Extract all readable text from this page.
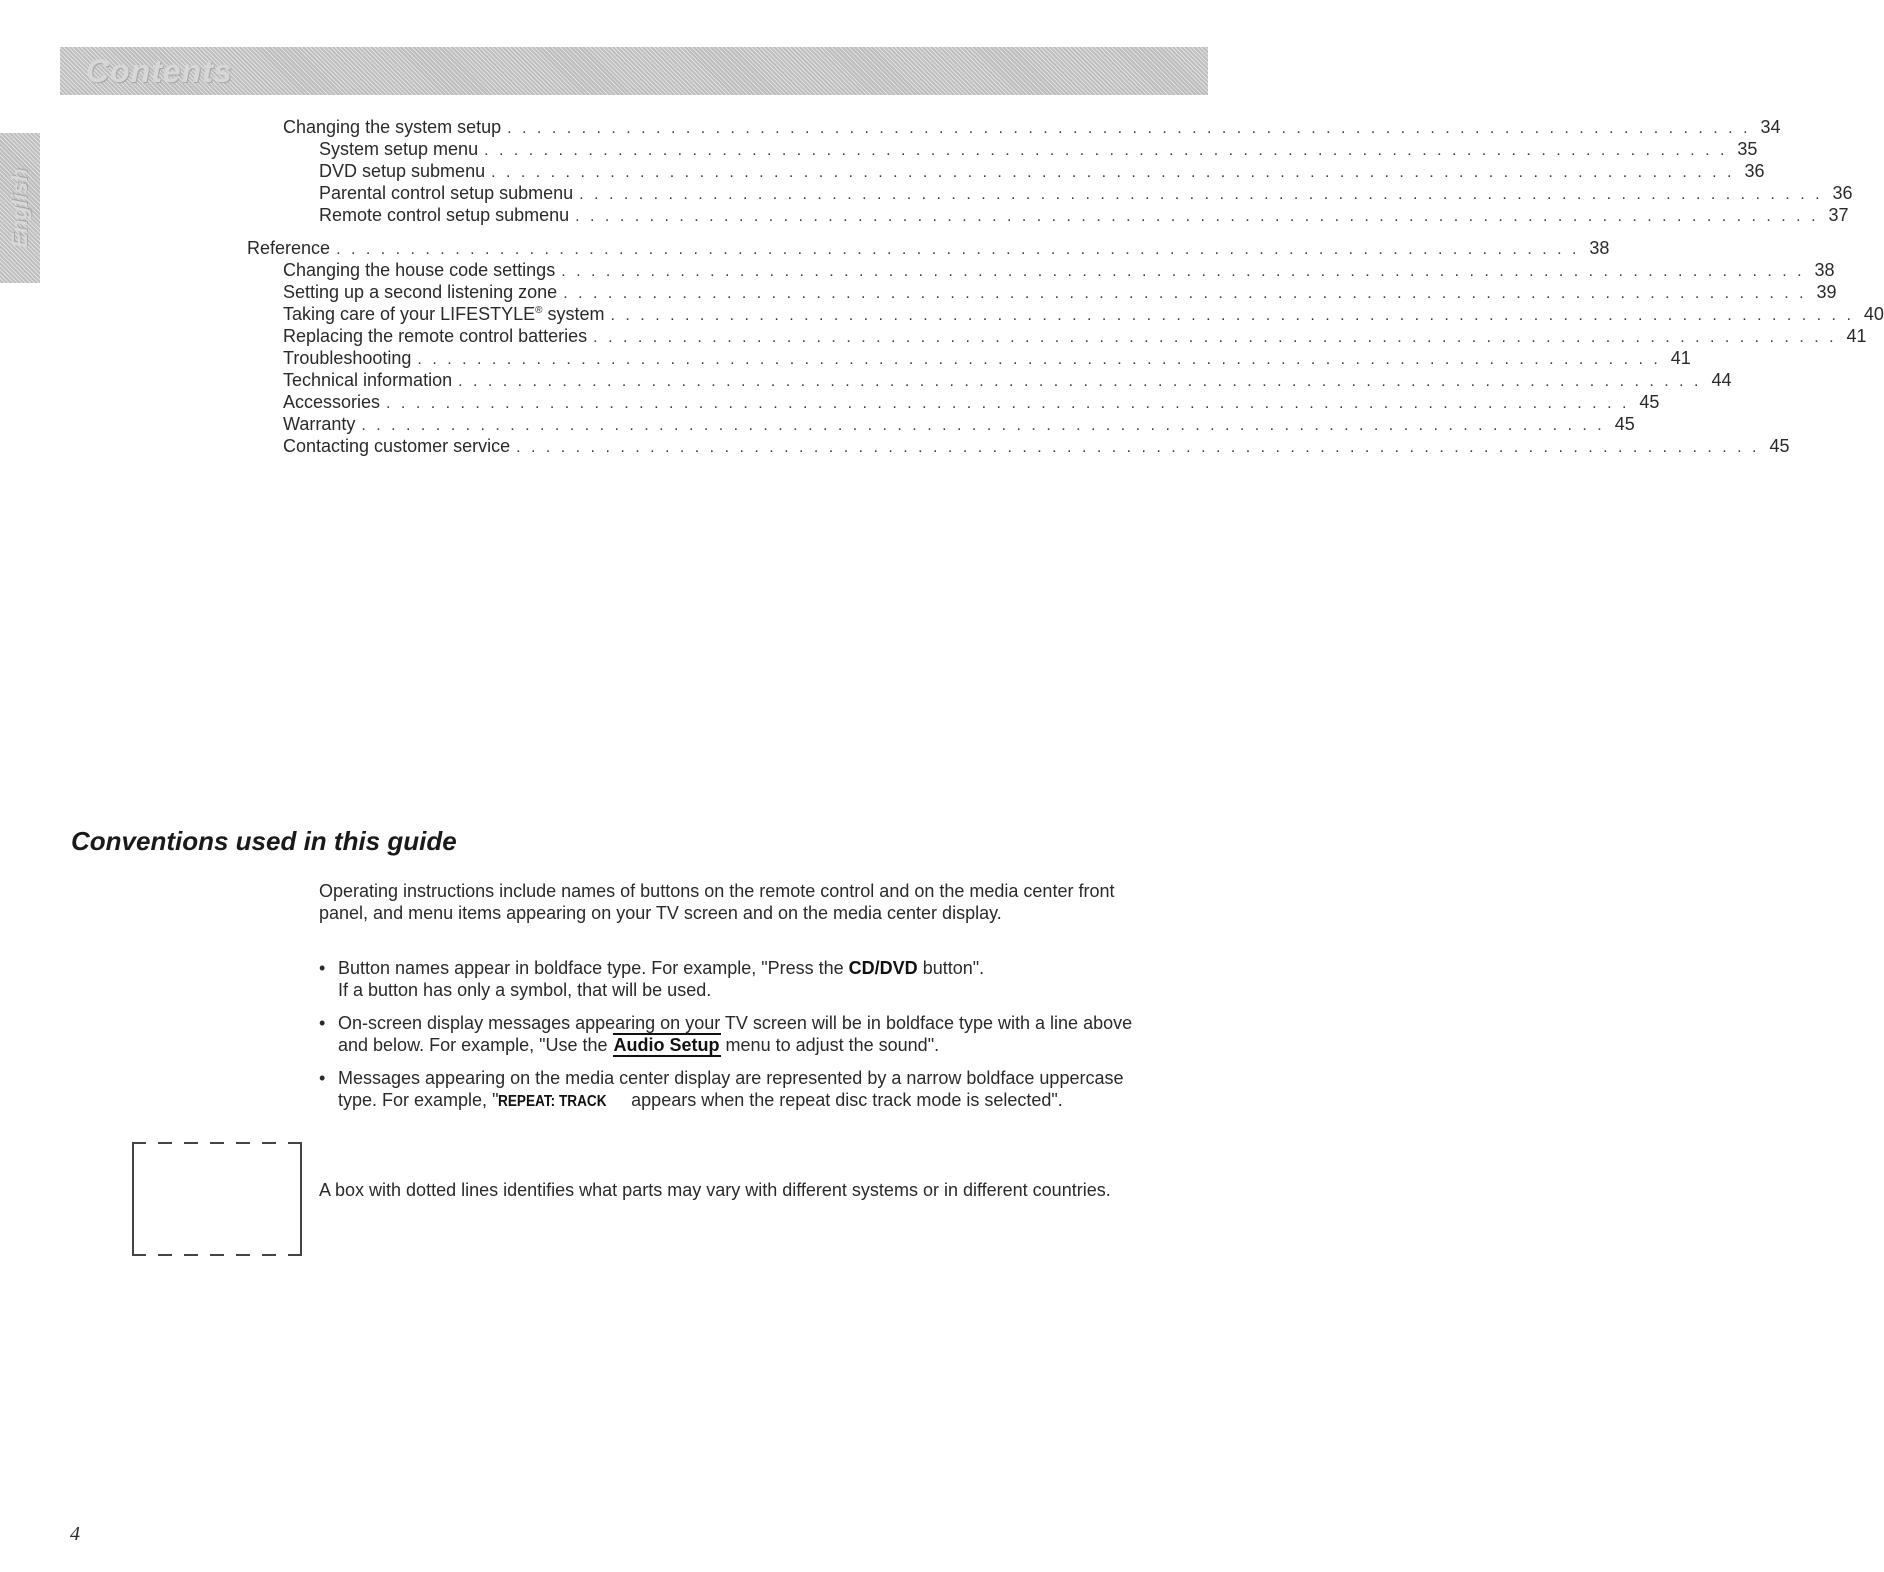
Contents
English
Changing the system setup . . . . . . . . . . . . . . . . . . . . . . . . . . . . . . . . . . . . . . . . . . . . . . . . . . . . . . . . . . . . . . . . . . . . . . . . . . . . . . . . . . . . 34
System setup menu . . . . . . . . . . . . . . . . . . . . . . . . . . . . . . . . . . . . . . . . . . . . . . . . . . . . . . . . . . . . . . . . . . . . . . . . . . . . . . . . . . . . 35
DVD setup submenu . . . . . . . . . . . . . . . . . . . . . . . . . . . . . . . . . . . . . . . . . . . . . . . . . . . . . . . . . . . . . . . . . . . . . . . . . . . . . . . . . . . . 36
Parental control setup submenu . . . . . . . . . . . . . . . . . . . . . . . . . . . . . . . . . . . . . . . . . . . . . . . . . . . . . . . . . . . . . . . . . . . . . . . . . . . . . . . . . . . . 36
Remote control setup submenu . . . . . . . . . . . . . . . . . . . . . . . . . . . . . . . . . . . . . . . . . . . . . . . . . . . . . . . . . . . . . . . . . . . . . . . . . . . . . . . . . . . . 37
Reference . . . . . . . . . . . . . . . . . . . . . . . . . . . . . . . . . . . . . . . . . . . . . . . . . . . . . . . . . . . . . . . . . . . . . . . . . . . . . . . . . . . . 38
Changing the house code settings . . . . . . . . . . . . . . . . . . . . . . . . . . . . . . . . . . . . . . . . . . . . . . . . . . . . . . . . . . . . . . . . . . . . . . . . . . . . . . . . . . . . 38
Setting up a second listening zone . . . . . . . . . . . . . . . . . . . . . . . . . . . . . . . . . . . . . . . . . . . . . . . . . . . . . . . . . . . . . . . . . . . . . . . . . . . . . . . . . . . . 39
Taking care of your LIFESTYLE® system . . . . . . . . . . . . . . . . . . . . . . . . . . . . . . . . . . . . . . . . . . . . . . . . . . . . . . . . . . . . . . . . . . . . . . . . . . . . . . . . . . . . 40
Replacing the remote control batteries . . . . . . . . . . . . . . . . . . . . . . . . . . . . . . . . . . . . . . . . . . . . . . . . . . . . . . . . . . . . . . . . . . . . . . . . . . . . . . . . . . . . 41
Troubleshooting . . . . . . . . . . . . . . . . . . . . . . . . . . . . . . . . . . . . . . . . . . . . . . . . . . . . . . . . . . . . . . . . . . . . . . . . . . . . . . . . . . . . 41
Technical information . . . . . . . . . . . . . . . . . . . . . . . . . . . . . . . . . . . . . . . . . . . . . . . . . . . . . . . . . . . . . . . . . . . . . . . . . . . . . . . . . . . . 44
Accessories . . . . . . . . . . . . . . . . . . . . . . . . . . . . . . . . . . . . . . . . . . . . . . . . . . . . . . . . . . . . . . . . . . . . . . . . . . . . . . . . . . . . 45
Warranty . . . . . . . . . . . . . . . . . . . . . . . . . . . . . . . . . . . . . . . . . . . . . . . . . . . . . . . . . . . . . . . . . . . . . . . . . . . . . . . . . . . . 45
Contacting customer service . . . . . . . . . . . . . . . . . . . . . . . . . . . . . . . . . . . . . . . . . . . . . . . . . . . . . . . . . . . . . . . . . . . . . . . . . . . . . . . . . . . . 45
Conventions used in this guide

Operating instructions include names of buttons on the remote control and on the media center front panel, and menu items appearing on your TV screen and on the media center display.

• Button names appear in boldface type. For example, "Press the CD/DVD button".
If a button has only a symbol, that will be used.
• On-screen display messages appearing on your TV screen will be in boldface type with a line above and below. For example, "Use the Audio Setup menu to adjust the sound".
• Messages appearing on the media center display are represented by a narrow boldface uppercase type. For example, "REPEAT: TRACK appears when the repeat disc track mode is selected".

A box with dotted lines identifies what parts may vary with different systems or in different countries.

4
